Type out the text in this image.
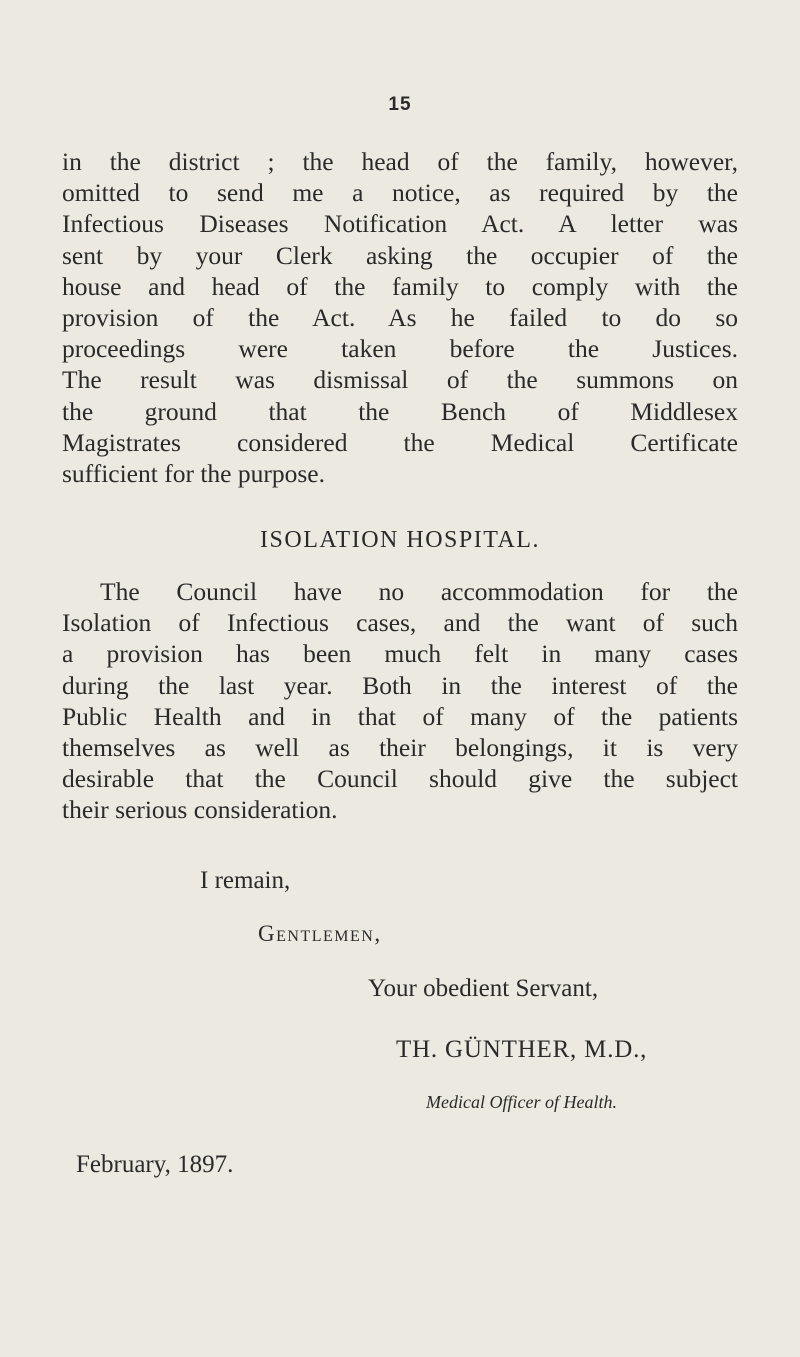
15
in the district ; the head of the family, however,
omitted to send me a notice, as required by the
Infectious Diseases Notification Act. A letter was
sent by your Clerk asking the occupier of the
house and head of the family to comply with the
provision of the Act. As he failed to do so
proceedings were taken before the Justices.
The result was dismissal of the summons on
the ground that the Bench of Middlesex
Magistrates considered the Medical Certificate
sufficient for the purpose.
ISOLATION HOSPITAL.
The Council have no accommodation for the
Isolation of Infectious cases, and the want of such
a provision has been much felt in many cases
during the last year. Both in the interest of the
Public Health and in that of many of the patients
themselves as well as their belongings, it is very
desirable that the Council should give the subject
their serious consideration.
I remain,
Gentlemen,
Your obedient Servant,
TH. GÜNTHER, M.D.,
Medical Officer of Health.
February, 1897.
